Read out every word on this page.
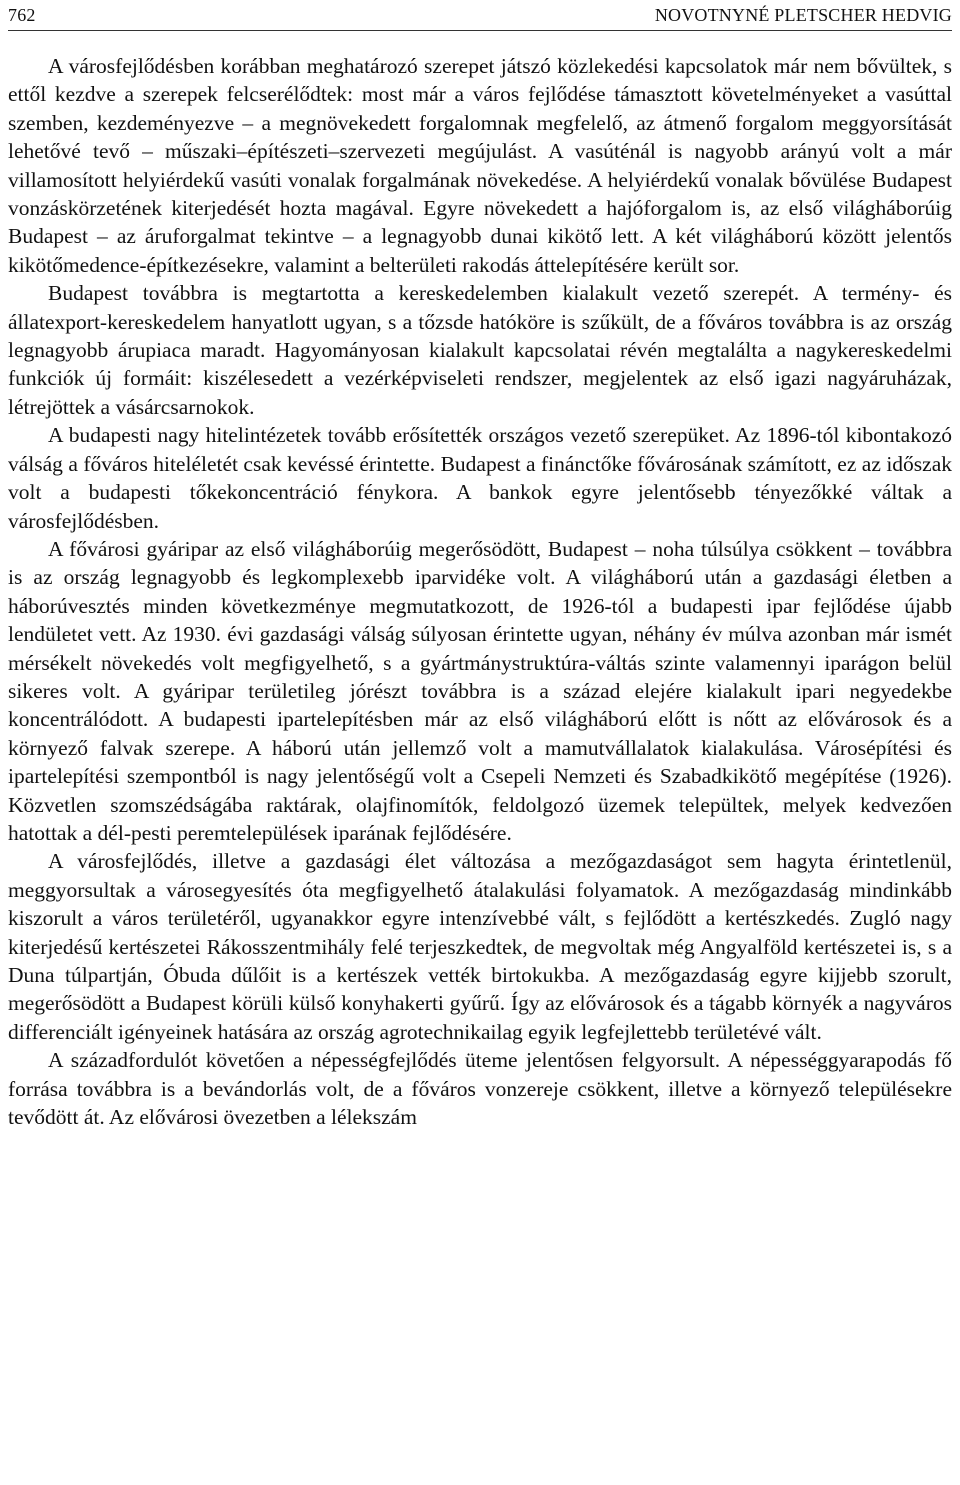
762	NOVOTNYNÉ PLETSCHER HEDVIG

A városfejlődésben korábban meghatározó szerepet játszó közlekedési kapcsolatok már nem bővültek, s ettől kezdve a szerepek felcserélődtek: most már a város fejlődése támasztott követelményeket a vasúttal szemben, kezdeményezve – a megnövekedett forgalomnak megfelelő, az átmenő forgalom meggyorsítását lehetővé tevő – műszaki–építészeti–szervezeti megújulást. A vasúténál is nagyobb arányú volt a már villamosított helyiérdekű vasúti vonalak forgalmának növekedése. A helyiérdekű vonalak bővülése Budapest vonzáskörzetének kiterjedését hozta magával. Egyre növekedett a hajóforgalom is, az első világháborúig Budapest – az áruforgalmat tekintve – a legnagyobb dunai kikötő lett. A két világháború között jelentős kikötőmedence-építkezésekre, valamint a belterületi rakodás áttelepítésére került sor.

Budapest továbbra is megtartotta a kereskedelemben kialakult vezető szerepét. A termény- és állatexport-kereskedelem hanyatlott ugyan, s a tőzsde hatóköre is szűkült, de a főváros továbbra is az ország legnagyobb árupiaca maradt. Hagyományosan kialakult kapcsolatai révén megtalálta a nagykereskedelmi funkciók új formáit: kiszélesedett a vezérképviseleti rendszer, megjelentek az első igazi nagyáruházak, létrejöttek a vásárcsarnokok.

A budapesti nagy hitelintézetek tovább erősítették országos vezető szerepüket. Az 1896-tól kibontakozó válság a főváros hiteléletét csak kevéssé érintette. Budapest a finánctőke fővárosának számított, ez az időszak volt a budapesti tőkekoncentráció fénykora. A bankok egyre jelentősebb tényezőkké váltak a városfejlődésben.

A fővárosi gyáripar az első világháborúig megerősödött, Budapest – noha túlsúlya csökkent – továbbra is az ország legnagyobb és legkomplexebb iparvidéke volt. A világháború után a gazdasági életben a háborúvesztés minden következménye megmutatkozott, de 1926-tól a budapesti ipar fejlődése újabb lendületet vett. Az 1930. évi gazdasági válság súlyosan érintette ugyan, néhány év múlva azonban már ismét mérsékelt növekedés volt megfigyelhető, s a gyártmánystruktúra-váltás szinte valamennyi iparágon belül sikeres volt. A gyáripar területileg jórészt továbbra is a század elejére kialakult ipari negyedekbe koncentrálódott. A budapesti ipartelepítésben már az első világháború előtt is nőtt az elővárosok és a környező falvak szerepe. A háború után jellemző volt a mamutvállalatok kialakulása. Városépítési és ipartelepítési szempontból is nagy jelentőségű volt a Csepeli Nemzeti és Szabadkikötő megépítése (1926). Közvetlen szomszédságába raktárak, olajfinomítók, feldolgozó üzemek települtek, melyek kedvezően hatottak a dél-pesti peremtelepülések iparának fejlődésére.

A városfejlődés, illetve a gazdasági élet változása a mezőgazdaságot sem hagyta érintetlenül, meggyorsultak a városegyesítés óta megfigyelhető átalakulási folyamatok. A mezőgazdaság mindinkább kiszorult a város területéről, ugyanakkor egyre intenzívebbé vált, s fejlődött a kertészkedés. Zugló nagy kiterjedésű kertészetei Rákosszentmihály felé terjeszkedtek, de megvoltak még Angyalföld kertészetei is, s a Duna túlpartján, Óbuda dűlőit is a kertészek vették birtokukba. A mezőgazdaság egyre kijjebb szorult, megerősödött a Budapest körüli külső konyhakerti gyűrű. Így az elővárosok és a tágabb környék a nagyváros differenciált igényeinek hatására az ország agrotechnikailag egyik legfejlettebb területévé vált.

A századfordulót követően a népességfejlődés üteme jelentősen felgyorsult. A népességgyarapodás fő forrása továbbra is a bevándorlás volt, de a főváros vonzereje csökkent, illetve a környező településekre tevődött át. Az elővárosi övezetben a lélekszám
